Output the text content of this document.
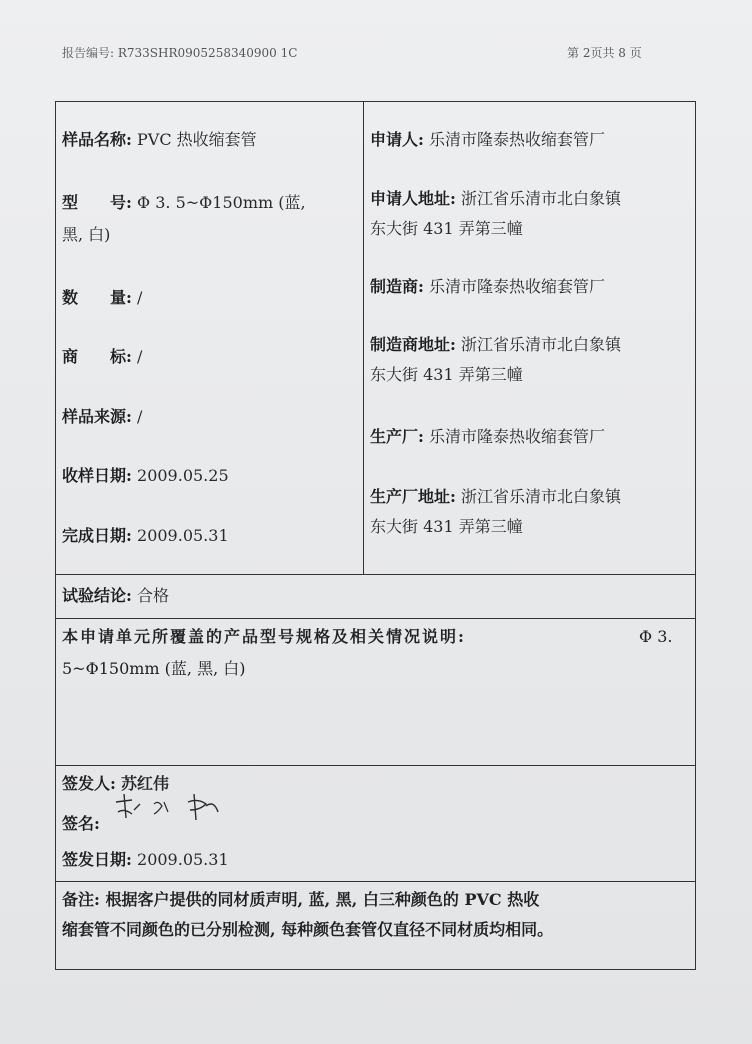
报告编号: R733SHR0905258340900 1C	第 2页共 8 页
样品名称: PVC 热收缩套管
型　　号: Φ 3. 5~Φ150mm (蓝,
黑, 白)
数　　量: /
商　　标: /
样品来源: /
收样日期: 2009.05.25
完成日期: 2009.05.31
申请人: 乐清市隆泰热收缩套管厂
申请人地址: 浙江省乐清市北白象镇
东大街 431 弄第三幢
制造商: 乐清市隆泰热收缩套管厂
制造商地址: 浙江省乐清市北白象镇
东大街 431 弄第三幢
生产厂: 乐清市隆泰热收缩套管厂
生产厂地址: 浙江省乐清市北白象镇
东大街 431 弄第三幢
试验结论: 合格
本申请单元所覆盖的产品型号规格及相关情况说明:	Φ 3.
5~Φ150mm (蓝, 黑, 白)
签发人: 苏红伟
签名:
签发日期: 2009.05.31
备注: 根据客户提供的同材质声明, 蓝, 黑, 白三种颜色的 PVC 热收
缩套管不同颜色的已分别检测, 每种颜色套管仅直径不同材质均相同。
